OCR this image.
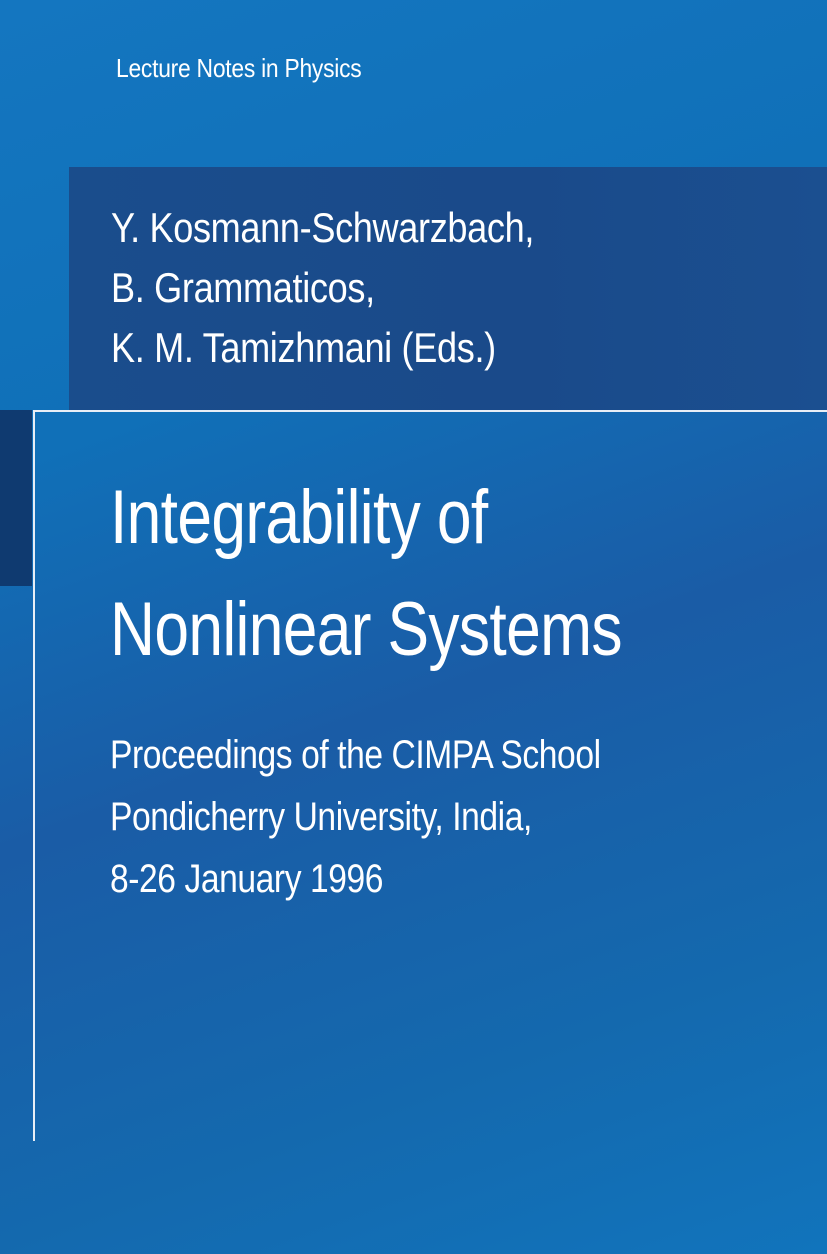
Lecture Notes in Physics
Y. Kosmann-Schwarzbach,
B. Grammaticos,
K. M. Tamizhmani (Eds.)
Integrability of
Nonlinear Systems
Proceedings of the CIMPA School
Pondicherry University, India,
8-26 January 1996
